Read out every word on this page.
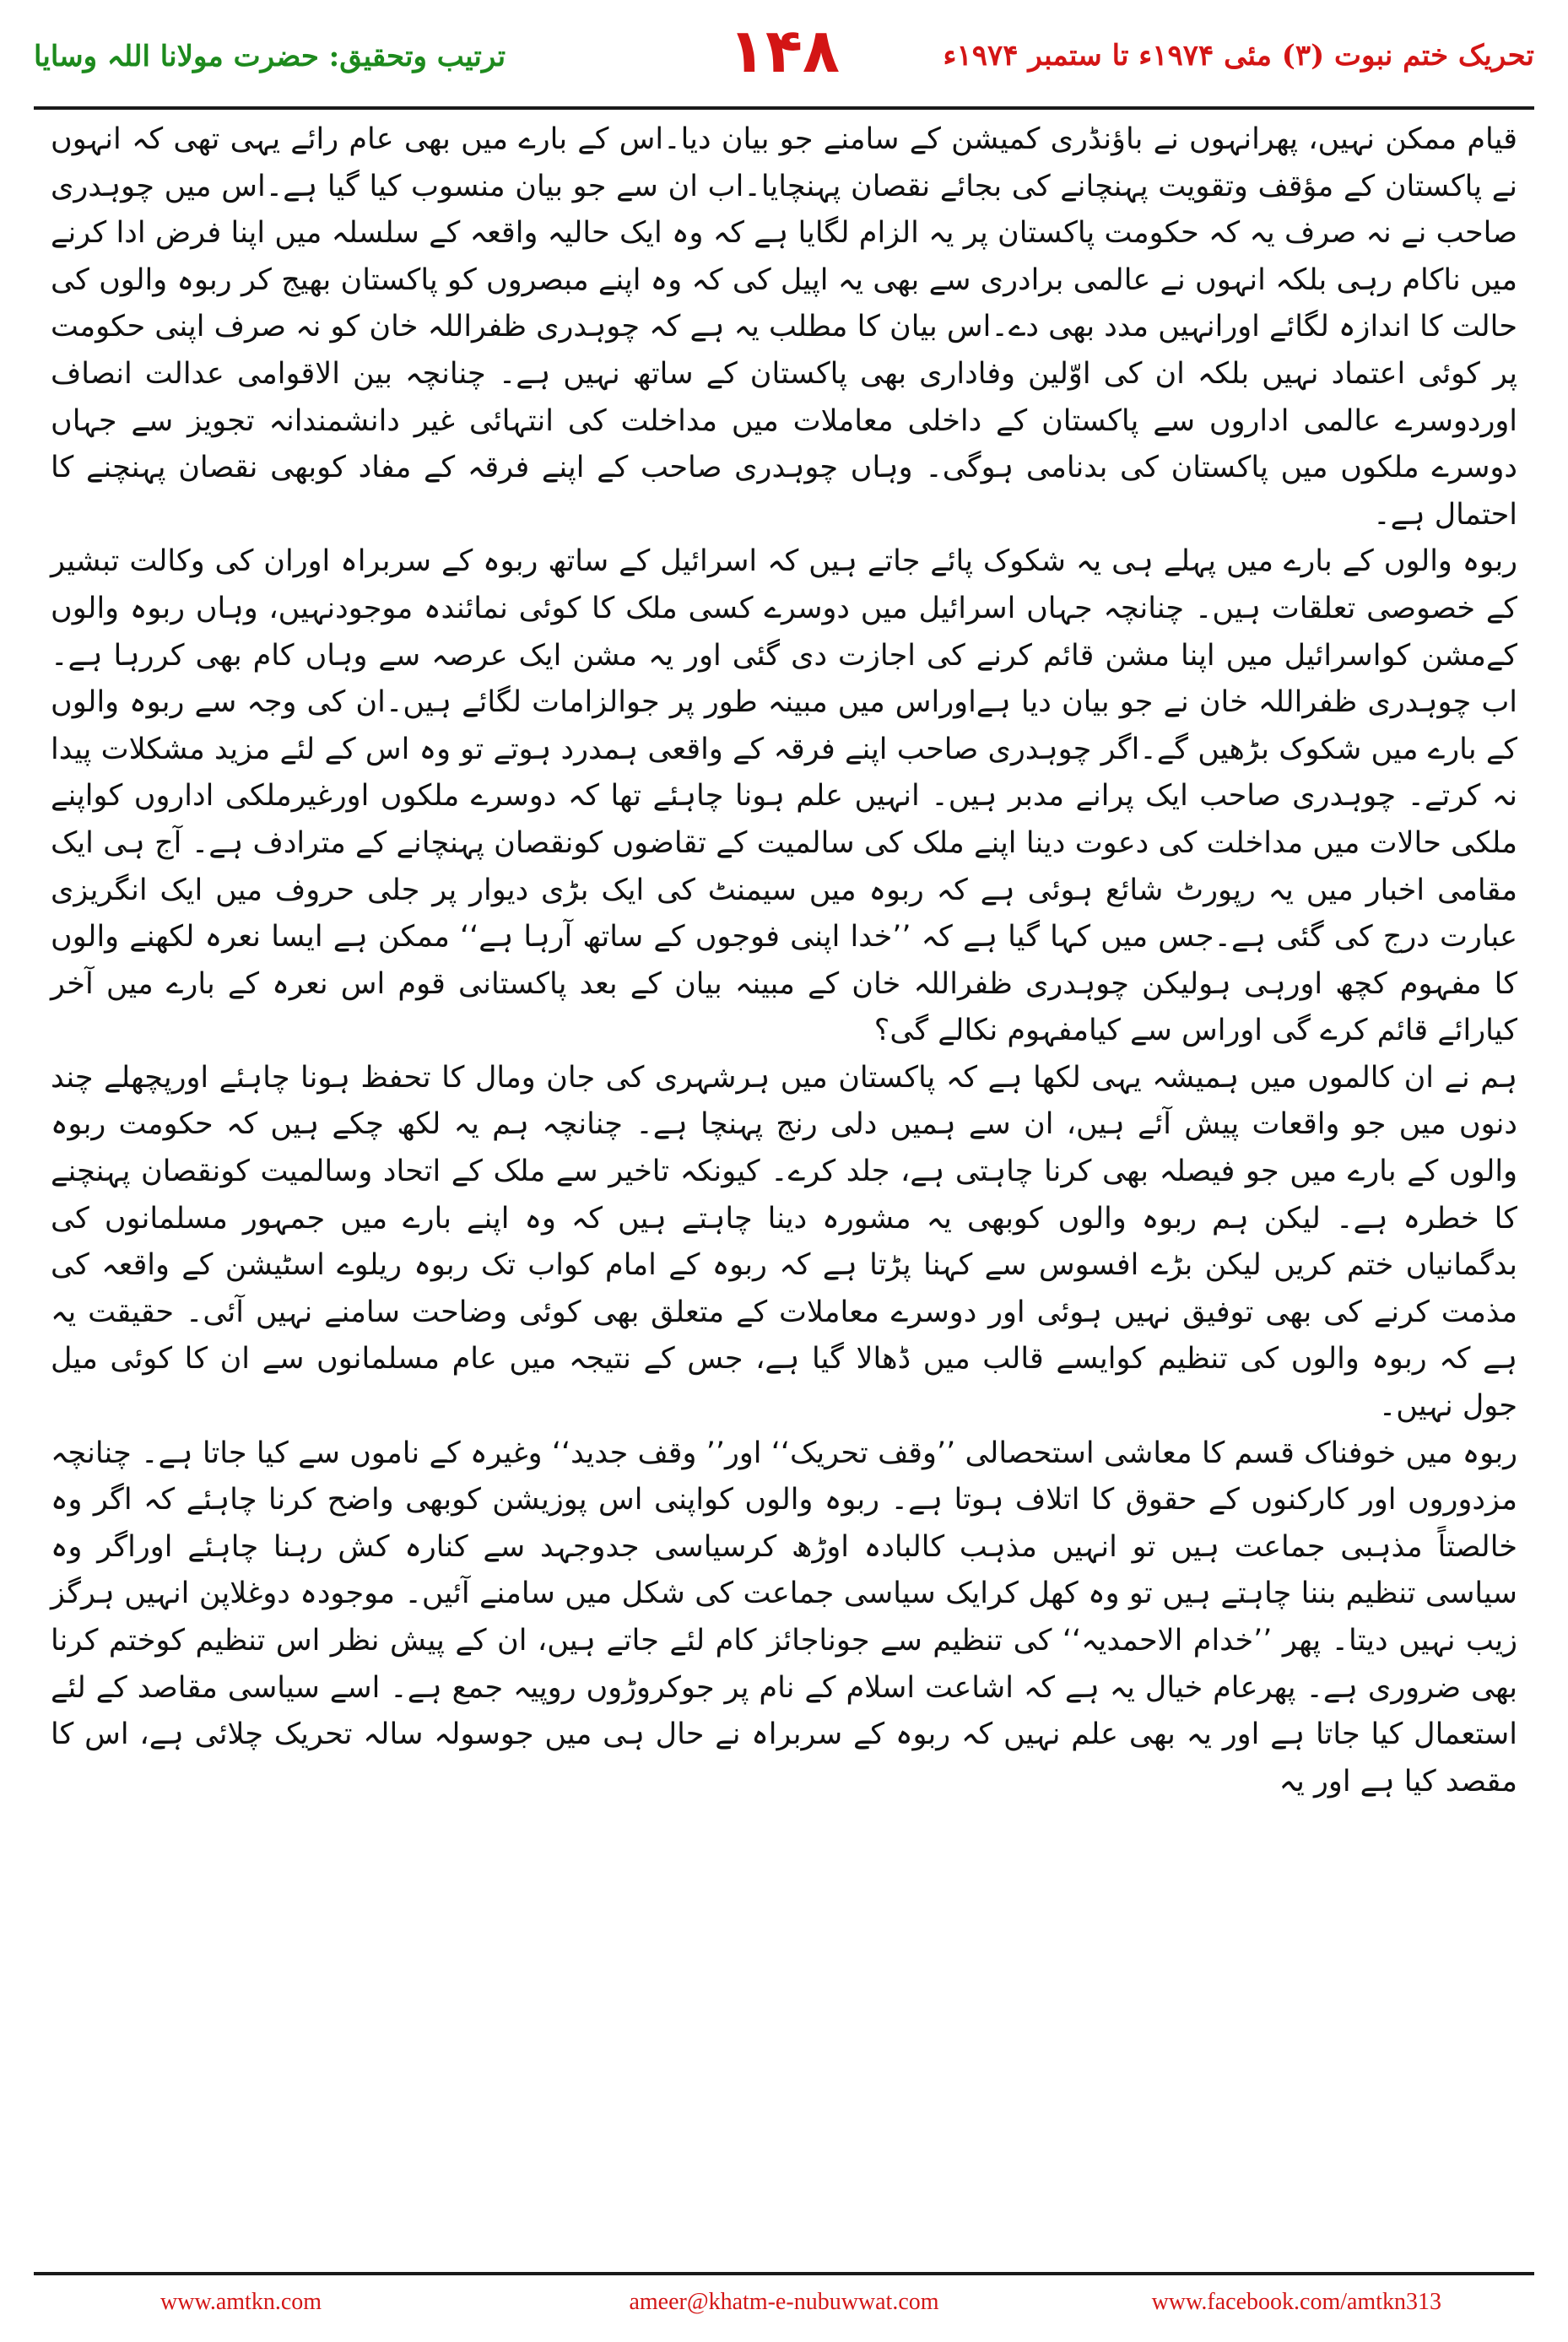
ترتیب وتحقیق: حضرت مولانا اللہ وسایا	۱۴۸	تحریک ختم نبوت (۳) مئی ۱۹۷۴ء تا ستمبر ۱۹۷۴ء

قیام ممکن نہیں، پھرانہوں نے باؤنڈری کمیشن کے سامنے جو بیان دیا۔اس کے بارے میں بھی عام رائے یہی تھی کہ انہوں نے پاکستان کے مؤقف وتقویت پہنچانے کی بجائے نقصان پہنچایا۔اب ان سے جو بیان منسوب کیا گیا ہے۔اس میں چوہدری صاحب نے نہ صرف یہ کہ حکومت پاکستان پر یہ الزام لگایا ہے کہ وہ ایک حالیہ واقعہ کے سلسلہ میں اپنا فرض ادا کرنے میں ناکام رہی بلکہ انہوں نے عالمی برادری سے بھی یہ اپیل کی کہ وہ اپنے مبصروں کو پاکستان بھیج کر ربوہ والوں کی حالت کا اندازہ لگائے اورانہیں مدد بھی دے۔اس بیان کا مطلب یہ ہے کہ چوہدری ظفراللہ خان کو نہ صرف اپنی حکومت پر کوئی اعتماد نہیں بلکہ ان کی اوّلین وفاداری بھی پاکستان کے ساتھ نہیں ہے۔ چنانچہ بین الاقوامی عدالت انصاف اوردوسرے عالمی اداروں سے پاکستان کے داخلی معاملات میں مداخلت کی انتہائی غیر دانشمندانہ تجویز سے جہاں دوسرے ملکوں میں پاکستان کی بدنامی ہوگی۔ وہاں چوہدری صاحب کے اپنے فرقہ کے مفاد کوبھی نقصان پہنچنے کا احتمال ہے۔

ربوہ والوں کے بارے میں پہلے ہی یہ شکوک پائے جاتے ہیں کہ اسرائیل کے ساتھ ربوہ کے سربراہ اوران کی وکالت تبشیر کے خصوصی تعلقات ہیں۔ چنانچہ جہاں اسرائیل میں دوسرے کسی ملک کا کوئی نمائندہ موجودنہیں، وہاں ربوہ والوں کےمشن کواسرائیل میں اپنا مشن قائم کرنے کی اجازت دی گئی اور یہ مشن ایک عرصہ سے وہاں کام بھی کررہا ہے۔اب چوہدری ظفراللہ خان نے جو بیان دیا ہےاوراس میں مبینہ طور پر جوالزامات لگائے ہیں۔ان کی وجہ سے ربوہ والوں کے بارے میں شکوک بڑھیں گے۔اگر چوہدری صاحب اپنے فرقہ کے واقعی ہمدرد ہوتے تو وہ اس کے لئے مزید مشکلات پیدا نہ کرتے۔ چوہدری صاحب ایک پرانے مدبر ہیں۔ انہیں علم ہونا چاہئے تھا کہ دوسرے ملکوں اورغیرملکی اداروں کواپنے ملکی حالات میں مداخلت کی دعوت دینا اپنے ملک کی سالمیت کے تقاضوں کونقصان پہنچانے کے مترادف ہے۔ آج ہی ایک مقامی اخبار میں یہ رپورٹ شائع ہوئی ہے کہ ربوہ میں سیمنٹ کی ایک بڑی دیوار پر جلی حروف میں ایک انگریزی عبارت درج کی گئی ہے۔جس میں کہا گیا ہے کہ ’’خدا اپنی فوجوں کے ساتھ آرہا ہے‘‘ ممکن ہے ایسا نعرہ لکھنے والوں کا مفہوم کچھ اورہی ہولیکن چوہدری ظفراللہ خان کے مبینہ بیان کے بعد پاکستانی قوم اس نعرہ کے بارے میں آخر کیارائے قائم کرے گی اوراس سے کیامفہوم نکالے گی؟

ہم نے ان کالموں میں ہمیشہ یہی لکھا ہے کہ پاکستان میں ہرشہری کی جان ومال کا تحفظ ہونا چاہئے اورپچھلے چند دنوں میں جو واقعات پیش آئے ہیں، ان سے ہمیں دلی رنج پہنچا ہے۔ چنانچہ ہم یہ لکھ چکے ہیں کہ حکومت ربوہ والوں کے بارے میں جو فیصلہ بھی کرنا چاہتی ہے، جلد کرے۔ کیونکہ تاخیر سے ملک کے اتحاد وسالمیت کونقصان پہنچنے کا خطرہ ہے۔ لیکن ہم ربوہ والوں کوبھی یہ مشورہ دینا چاہتے ہیں کہ وہ اپنے بارے میں جمہور مسلمانوں کی بدگمانیاں ختم کریں لیکن بڑے افسوس سے کہنا پڑتا ہے کہ ربوہ کے امام کواب تک ربوہ ریلوے اسٹیشن کے واقعہ کی مذمت کرنے کی بھی توفیق نہیں ہوئی اور دوسرے معاملات کے متعلق بھی کوئی وضاحت سامنے نہیں آئی۔ حقیقت یہ ہے کہ ربوہ والوں کی تنظیم کوایسے قالب میں ڈھالا گیا ہے، جس کے نتیجہ میں عام مسلمانوں سے ان کا کوئی میل جول نہیں۔

ربوہ میں خوفناک قسم کا معاشی استحصالی ’’وقف تحریک‘‘ اور’’ وقف جدید‘‘ وغیرہ کے ناموں سے کیا جاتا ہے۔ چنانچہ مزدوروں اور کارکنوں کے حقوق کا اتلاف ہوتا ہے۔ ربوہ والوں کواپنی اس پوزیشن کوبھی واضح کرنا چاہئے کہ اگر وہ خالصتاً مذہبی جماعت ہیں تو انہیں مذہب کالبادہ اوڑھ کرسیاسی جدوجہد سے کنارہ کش رہنا چاہئے اوراگر وہ سیاسی تنظیم بننا چاہتے ہیں تو وہ کھل کرایک سیاسی جماعت کی شکل میں سامنے آئیں۔ موجودہ دوغلاپن انہیں ہرگز زیب نہیں دیتا۔ پھر ’’خدام الاحمدیہ‘‘ کی تنظیم سے جوناجائز کام لئے جاتے ہیں، ان کے پیش نظر اس تنظیم کوختم کرنا بھی ضروری ہے۔ پھرعام خیال یہ ہے کہ اشاعت اسلام کے نام پر جوکروڑوں روپیہ جمع ہے۔ اسے سیاسی مقاصد کے لئے استعمال کیا جاتا ہے اور یہ بھی علم نہیں کہ ربوہ کے سربراہ نے حال ہی میں جوسولہ سالہ تحریک چلائی ہے، اس کا مقصد کیا ہے اور یہ

www.amtkn.com	ameer@khatm-e-nubuwwat.com	www.facebook.com/amtkn313
